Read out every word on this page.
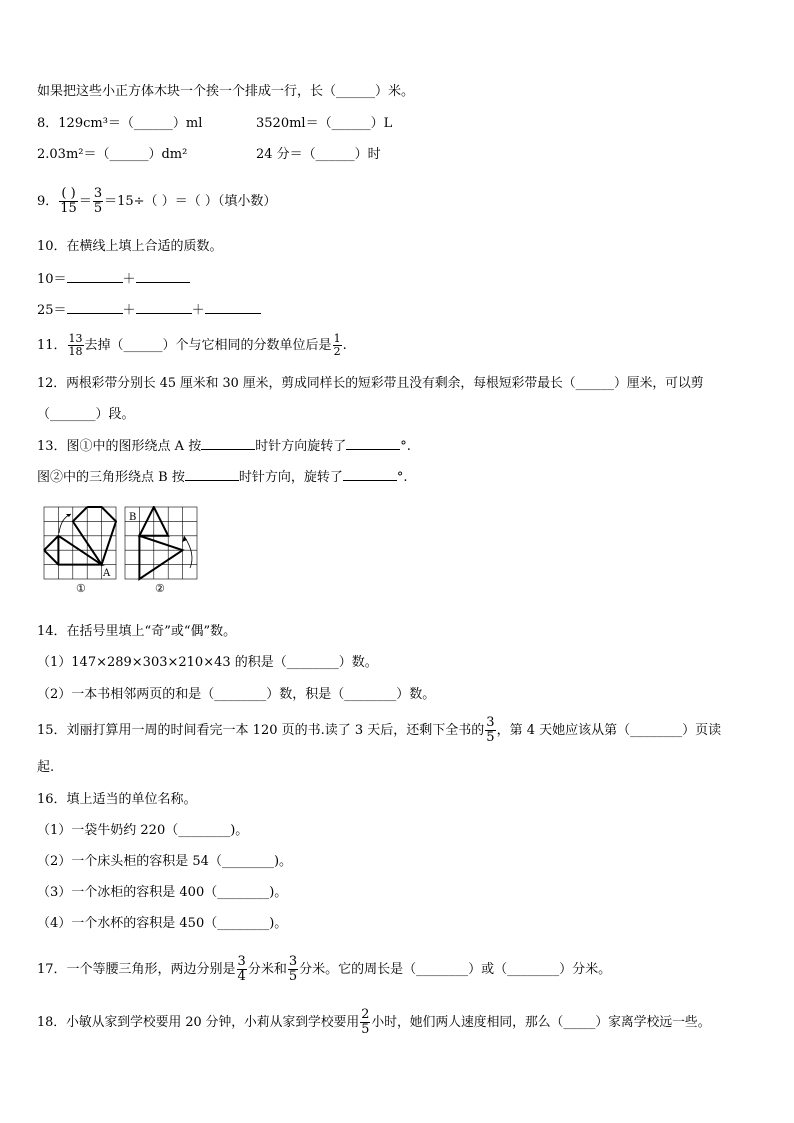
如果把这些小正方体木块一个挨一个排成一行，长（______）米。
8．129cm³＝（______）ml	3520ml＝（______）L
2.03m²＝（______）dm²	24 分＝（______）时
9． $\frac{( )}{15} = \frac{3}{5} =15\div$（ ）＝（ ）（填小数）
10．在横线上填上合适的质数。
10＝	＋
25＝	＋	＋
11． $\frac{13}{18}$ 去掉（______）个与它相同的分数单位后是 $\frac{1}{2}$ .
12．两根彩带分别长 45 厘米和 30 厘米，剪成同样长的短彩带且没有剩余，每根短彩带最长（______）厘米，可以剪
（_______）段。
13．图①中的图形绕点 A 按	时针方向旋转了	°.
图②中的三角形绕点 B 按	时针方向，旋转了	°.
A
①
B
②
14．在括号里填上“奇”或“偶”数。
（1）147×289×303×210×43 的积是（________）数。
（2）一本书相邻两页的和是（________）数，积是（________）数。
15．刘丽打算用一周的时间看完一本 120 页的书.读了 3 天后，还剩下全书的 $\frac{3}{5}$ ，第 4 天她应该从第（________）页读
起.
16．填上适当的单位名称。
（1）一袋牛奶约 220（________)。
（2）一个床头柜的容积是 54（________)。
（3）一个冰柜的容积是 400（________)。
（4）一个水杯的容积是 450（________)。
17．一个等腰三角形，两边分别是 $\frac{3}{4}$ 分米和 $\frac{3}{5}$ 分米。它的周长是（________）或（________）分米。
18．小敏从家到学校要用 20 分钟，小莉从家到学校要用 $\frac{2}{5}$ 小时，她们两人速度相同，那么（_____）家离学校远一些。
